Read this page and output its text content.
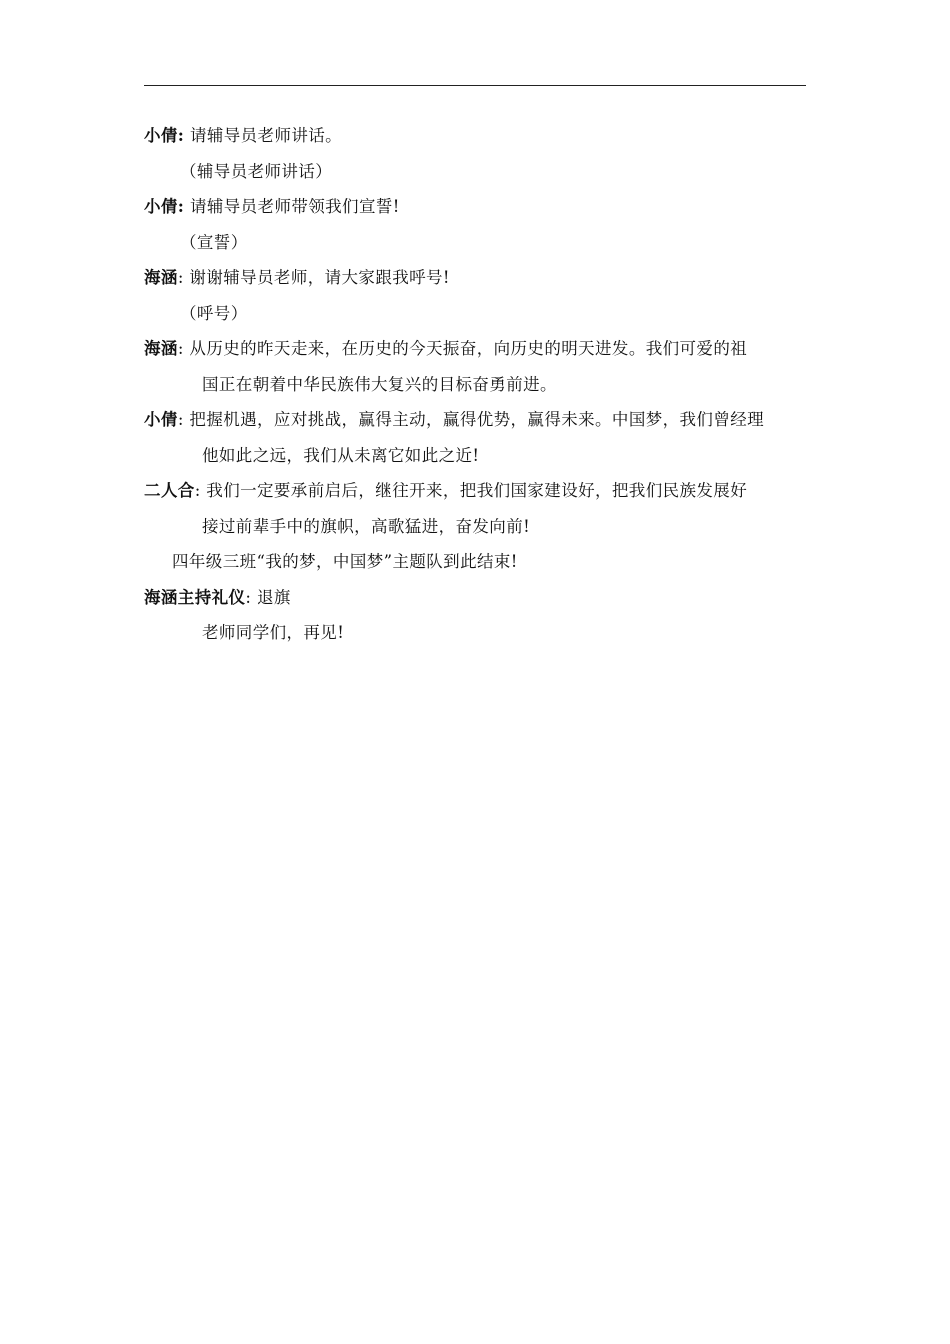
小倩: 请辅导员老师讲话。
（辅导员老师讲话）
小倩: 请辅导员老师带领我们宣誓!
（宣誓）
海涵: 谢谢辅导员老师，请大家跟我呼号!
（呼号）
海涵: 从历史的昨天走来，在历史的今天振奋，向历史的明天进发。我们可爱的祖
国正在朝着中华民族伟大复兴的目标奋勇前进。
小倩: 把握机遇，应对挑战，赢得主动，赢得优势，赢得未来。中国梦，我们曾经理
他如此之远，我们从未离它如此之近!
二人合: 我们一定要承前启后，继往开来，把我们国家建设好，把我们民族发展好
接过前辈手中的旗帜，高歌猛进，奋发向前!
四年级三班“我的梦，中国梦”主题队到此结束!
海涵主持礼仪: 退旗
老师同学们，再见!
